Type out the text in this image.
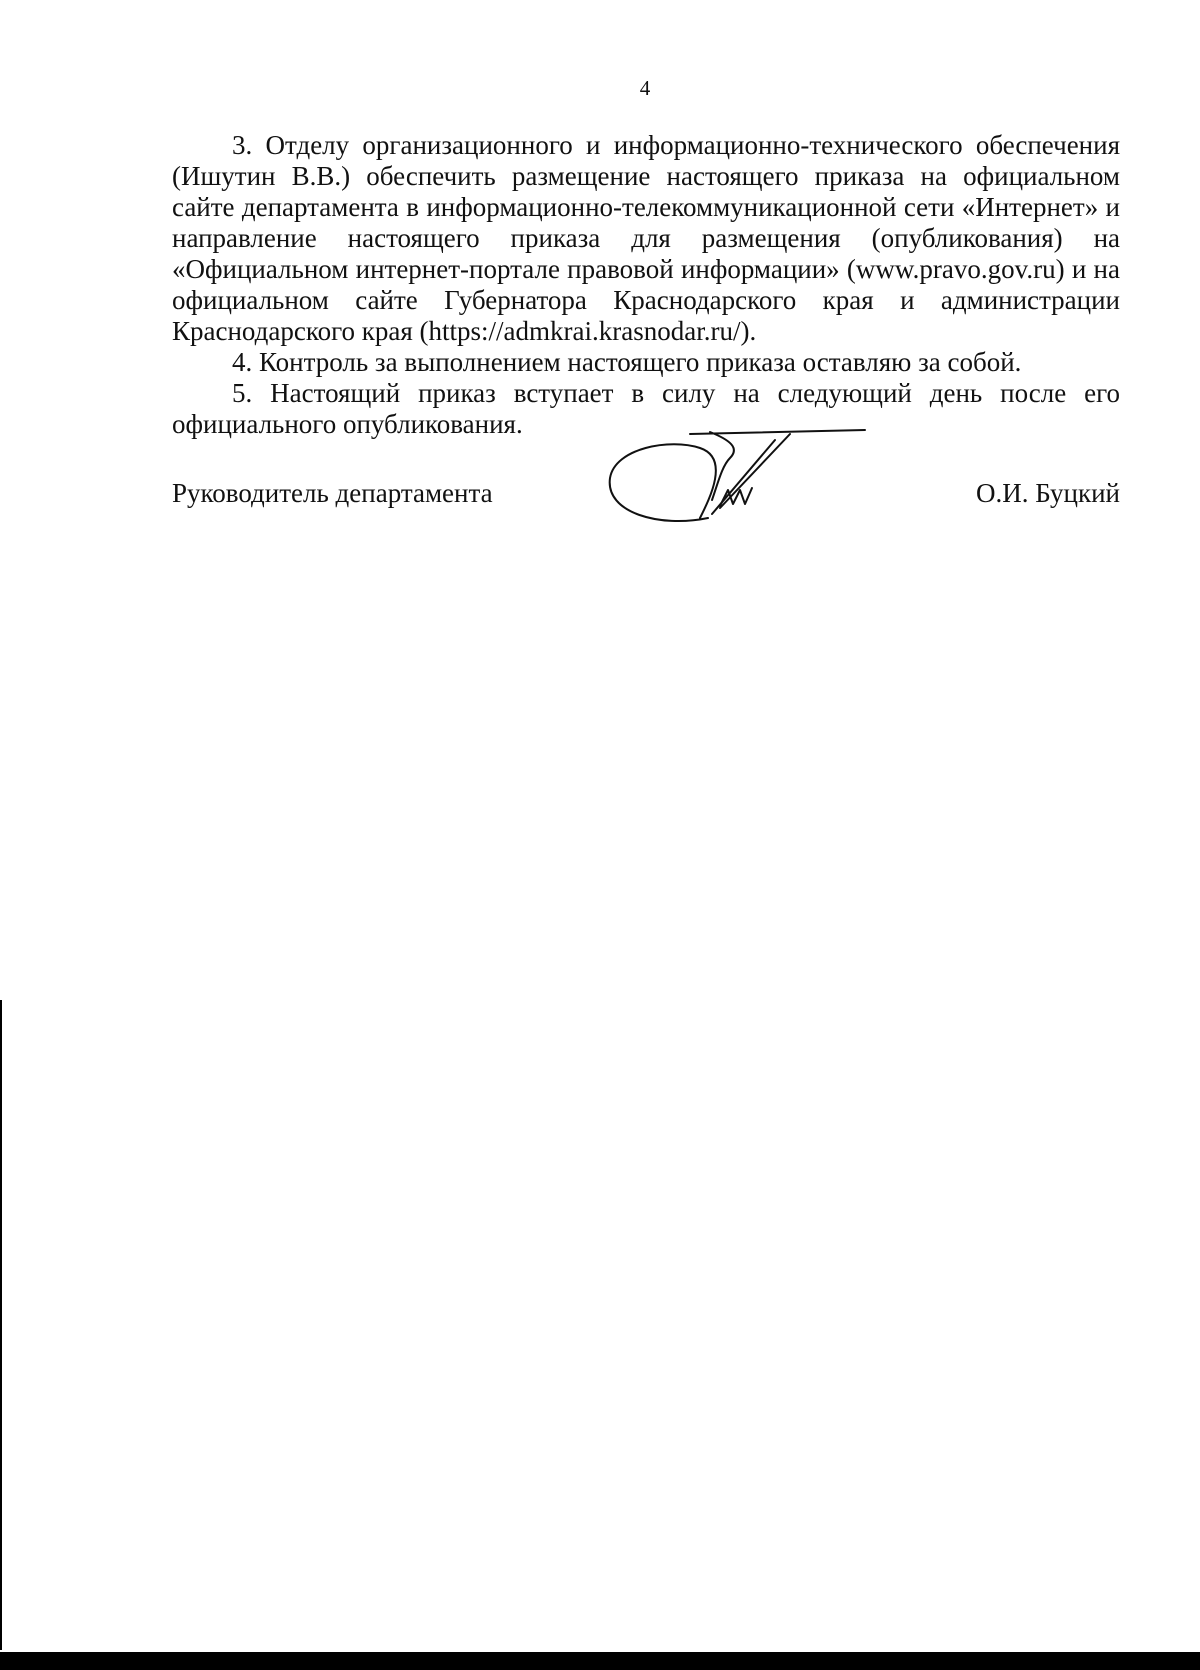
4

3. Отделу организационного и информационно-технического обеспечения (Ишутин В.В.) обеспечить размещение настоящего приказа на официальном сайте департамента в информационно-телекоммуникационной сети «Интернет» и направление настоящего приказа для размещения (опубликования) на «Официальном интернет-портале правовой информации» (www.pravo.gov.ru) и на официальном сайте Губернатора Краснодарского края и администрации Краснодарского края (https://admkrai.krasnodar.ru/).

4. Контроль за выполнением настоящего приказа оставляю за собой.

5. Настоящий приказ вступает в силу на следующий день после его официального опубликования.

Руководитель департамента	О.И. Буцкий
